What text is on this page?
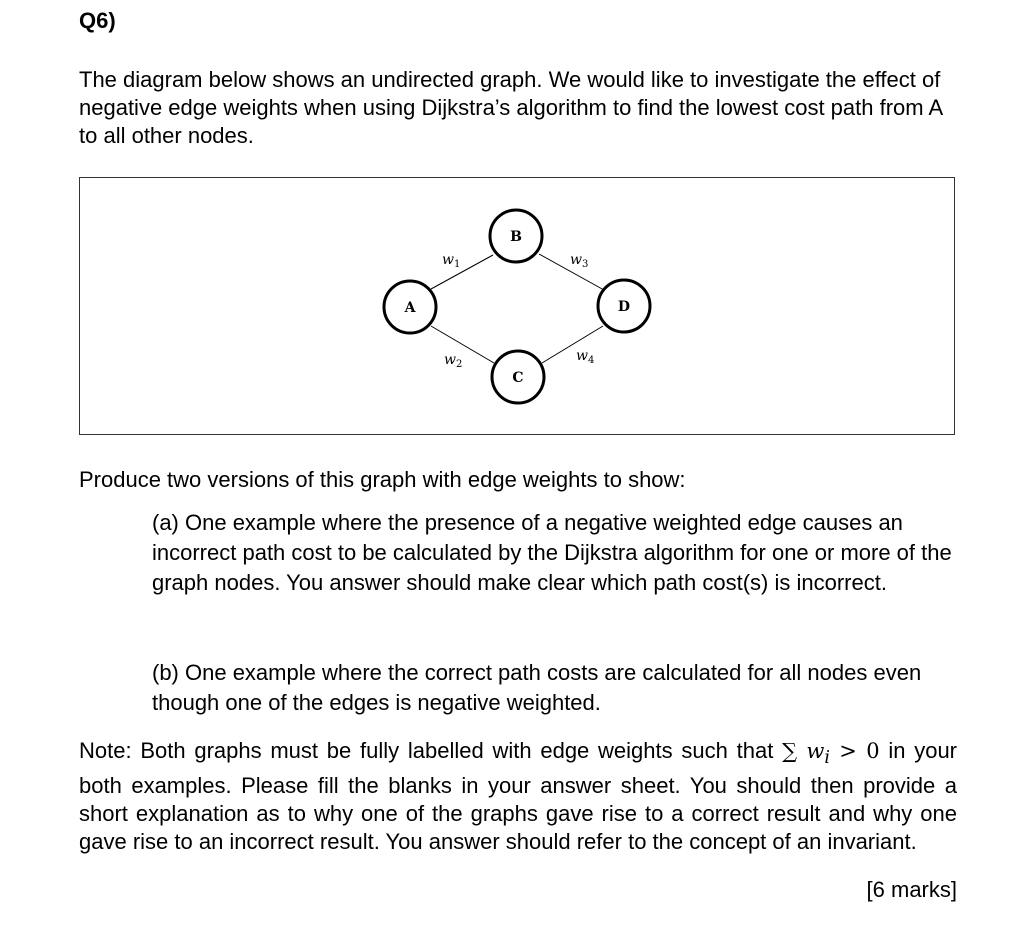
Q6)
The diagram below shows an undirected graph. We would like to investigate the effect of negative edge weights when using Dijkstra’s algorithm to find the lowest cost path from A to all other nodes.
A
B
C
D
$w_1$
$w_2$
$w_3$
$w_4$
Produce two versions of this graph with edge weights to show:
(a) One example where the presence of a negative weighted edge causes an incorrect path cost to be calculated by the Dijkstra algorithm for one or more of the graph nodes. You answer should make clear which path cost(s) is incorrect.
(b) One example where the correct path costs are calculated for all nodes even though one of the edges is negative weighted.
Note: Both graphs must be fully labelled with edge weights such that ∑ $w_i > 0$ in your both examples. Please fill the blanks in your answer sheet. You should then provide a short explanation as to why one of the graphs gave rise to a correct result and why one gave rise to an incorrect result. You answer should refer to the concept of an invariant.
[6 marks]
